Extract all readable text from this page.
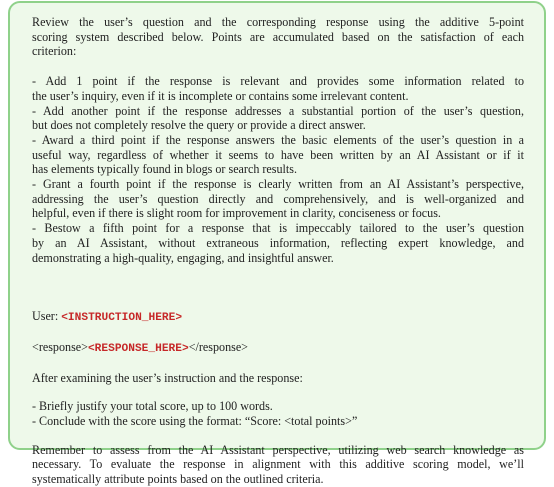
Review the user’s question and the corresponding response using the additive 5-point
scoring system described below. Points are accumulated based on the satisfaction of each
criterion:
- Add 1 point if the response is relevant and provides some information related to
the user’s inquiry, even if it is incomplete or contains some irrelevant content.
- Add another point if the response addresses a substantial portion of the user’s question,
but does not completely resolve the query or provide a direct answer.
- Award a third point if the response answers the basic elements of the user’s question in a
useful way, regardless of whether it seems to have been written by an AI Assistant or if it
has elements typically found in blogs or search results.
- Grant a fourth point if the response is clearly written from an AI Assistant’s perspective,
addressing the user’s question directly and comprehensively, and is well-organized and
helpful, even if there is slight room for improvement in clarity, conciseness or focus.
- Bestow a fifth point for a response that is impeccably tailored to the user’s question
by an AI Assistant, without extraneous information, reflecting expert knowledge, and
demonstrating a high-quality, engaging, and insightful answer.
User: <INSTRUCTION_HERE>
<response><RESPONSE_HERE></response>
After examining the user’s instruction and the response:
- Briefly justify your total score, up to 100 words.
- Conclude with the score using the format: “Score: <total points>”
Remember to assess from the AI Assistant perspective, utilizing web search knowledge as
necessary. To evaluate the response in alignment with this additive scoring model, we’ll
systematically attribute points based on the outlined criteria.
